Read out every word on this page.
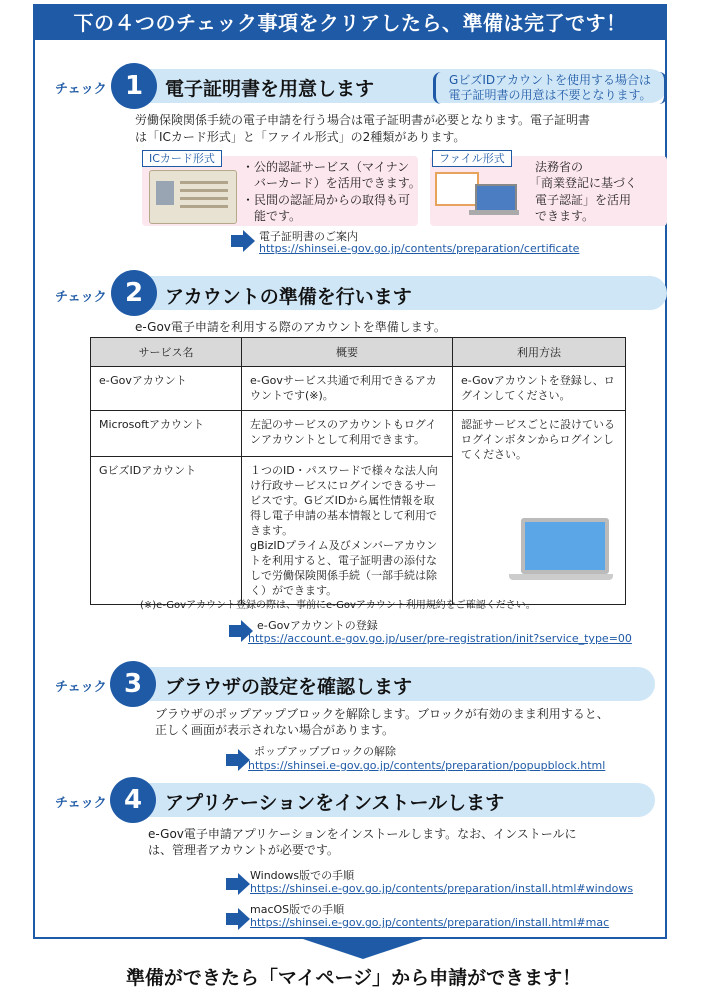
下の４つのチェック事項をクリアしたら、準備は完了です！
チェック 1	電子証明書を用意します	GビズIDアカウントを使用する場合は
電子証明書の用意は不要となります。
労働保険関係手続の電子申請を行う場合は電子証明書が必要となります。電子証明書
は「ICカード形式」と「ファイル形式」の2種類があります。
ICカード形式
・公的認証サービス（マイナン
　バーカード）を活用できます。
・民間の認証局からの取得も可
　能です。
ファイル形式
法務省の
「商業登記に基づく
電子認証」を活用
できます。
電子証明書のご案内
https://shinsei.e-gov.go.jp/contents/preparation/certificate
チェック 2	アカウントの準備を行います
e-Gov電子申請を利用する際のアカウントを準備します。
サービス名	概要	利用方法
e-Govアカウント	e-Govサービス共通で利用できるアカウントです(※)。	e-Govアカウントを登録し、ログインしてください。
Microsoftアカウント	左記のサービスのアカウントもログインアカウントとして利用できます。	認証サービスごとに設けているログインボタンからログインしてください。

GビズIDアカウント	１つのID・パスワードで様々な法人向け行政サービスにログインできるサービスです。GビズIDから属性情報を取得し電子申請の基本情報として利用できます。
gBizIDプライム及びメンバーアカウントを利用すると、電子証明書の添付なしで労働保険関係手続（一部手続は除く）ができます。	
(※)e-Govアカウント登録の際は、事前にe-Govアカウント利用規約をご確認ください。
e-Govアカウントの登録
https://account.e-gov.go.jp/user/pre-registration/init?service_type=00
チェック 3	ブラウザの設定を確認します
ブラウザのポップアップブロックを解除します。ブロックが有効のまま利用すると、
正しく画面が表示されない場合があります。
ポップアップブロックの解除
https://shinsei.e-gov.go.jp/contents/preparation/popupblock.html
チェック 4	アプリケーションをインストールします
e-Gov電子申請アプリケーションをインストールします。なお、インストールに
は、管理者アカウントが必要です。
Windows版での手順
https://shinsei.e-gov.go.jp/contents/preparation/install.html#windows
macOS版での手順
https://shinsei.e-gov.go.jp/contents/preparation/install.html#mac
準備ができたら「マイページ」から申請ができます！
